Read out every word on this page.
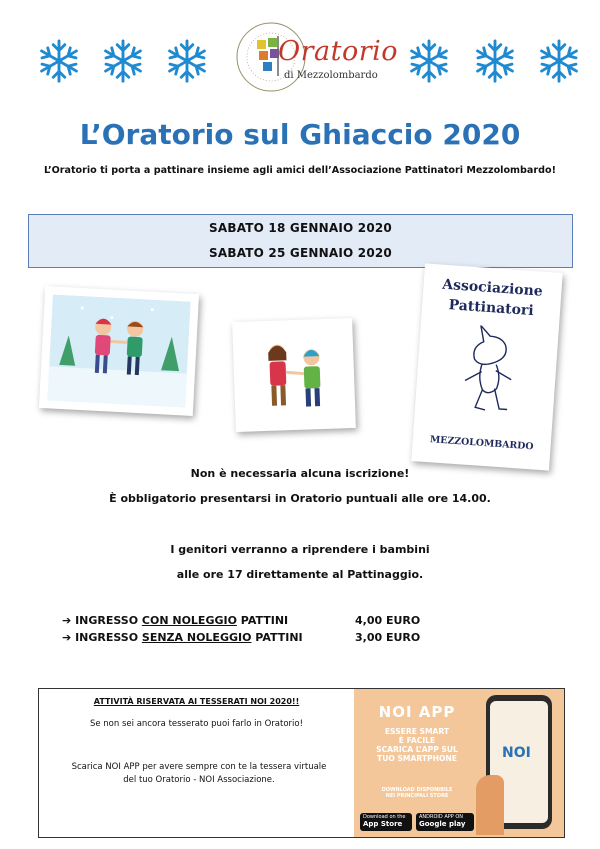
Oratorio
di Mezzolombardo
L’Oratorio sul Ghiaccio 2020
L’Oratorio ti porta a pattinare insieme agli amici dell’Associazione Pattinatori Mezzolombardo!
SABATO 18 GENNAIO 2020
SABATO 25 GENNAIO 2020
Associazione
Pattinatori
MEZZOLOMBARDO
Non è necessaria alcuna iscrizione!
È obbligatorio presentarsi in Oratorio puntuali alle ore 14.00.
I genitori verranno a riprendere i bambini
alle ore 17 direttamente al Pattinaggio.
➔ INGRESSO CON NOLEGGIO PATTINI	4,00 EURO
➔ INGRESSO SENZA NOLEGGIO PATTINI	3,00 EURO
ATTIVITÀ RISERVATA AI TESSERATI NOI 2020!!
Se non sei ancora tesserato puoi farlo in Oratorio!
Scarica NOI APP per avere sempre con te la tessera virtuale del tuo Oratorio - NOI Associazione.
NOI APP
ESSERE SMART
È FACILE
SCARICA L’APP SUL
TUO SMARTPHONE
DOWNLOAD DISPONIBILE
NEI PRINCIPALI STORE
Download on the
App Store
ANDROID APP ON
Google play
NOI
